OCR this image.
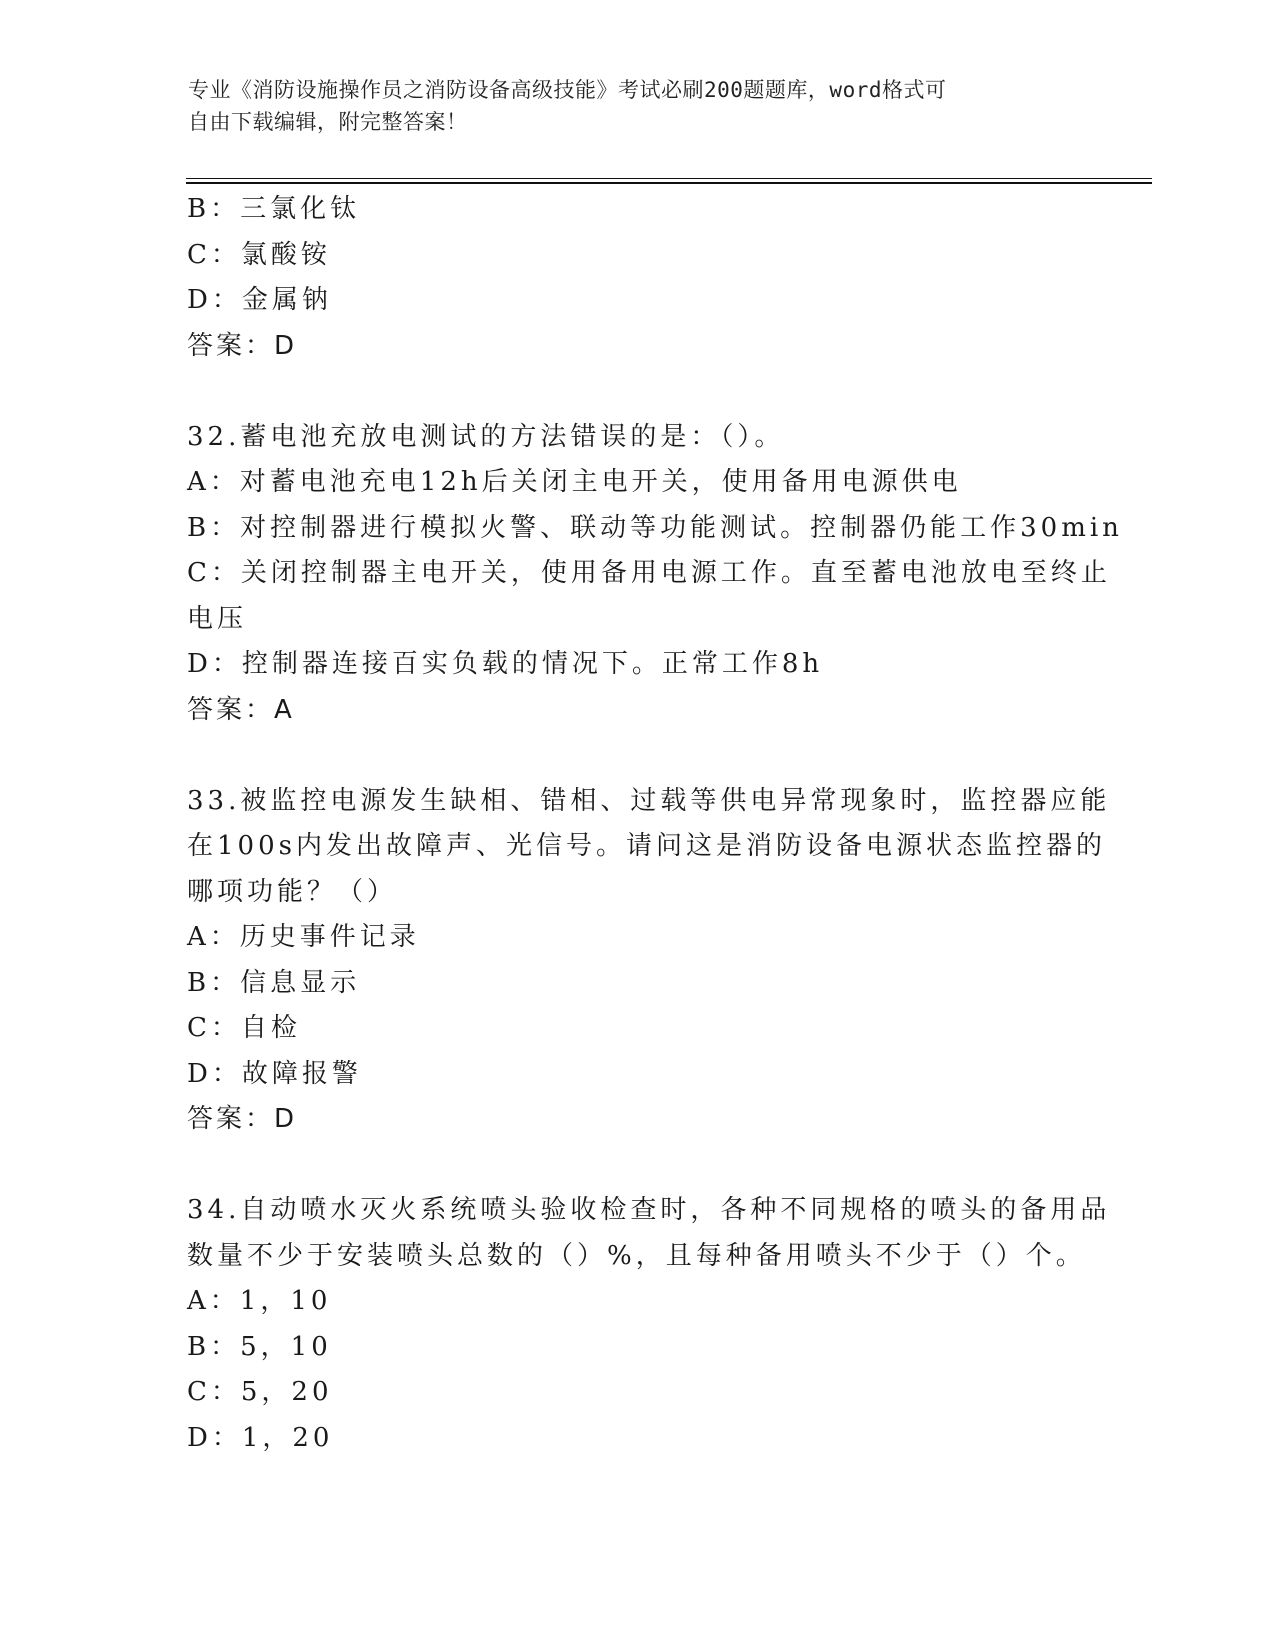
专业《消防设施操作员之消防设备高级技能》考试必刷200题题库，word格式可
自由下载编辑，附完整答案！
B：三氯化钛
C：氯酸铵
D：金属钠
答案：D
32.蓄电池充放电测试的方法错误的是：（）。
A：对蓄电池充电12h后关闭主电开关，使用备用电源供电
B：对控制器进行模拟火警、联动等功能测试。控制器仍能工作30min
C：关闭控制器主电开关，使用备用电源工作。直至蓄电池放电至终止
电压
D：控制器连接百实负载的情况下。正常工作8h
答案：A
33.被监控电源发生缺相、错相、过载等供电异常现象时，监控器应能
在100s内发出故障声、光信号。请问这是消防设备电源状态监控器的
哪项功能？（）
A：历史事件记录
B：信息显示
C：自检
D：故障报警
答案：D
34.自动喷水灭火系统喷头验收检查时，各种不同规格的喷头的备用品
数量不少于安装喷头总数的（）%，且每种备用喷头不少于（）个。
A：1，10
B：5，10
C：5，20
D：1，20
